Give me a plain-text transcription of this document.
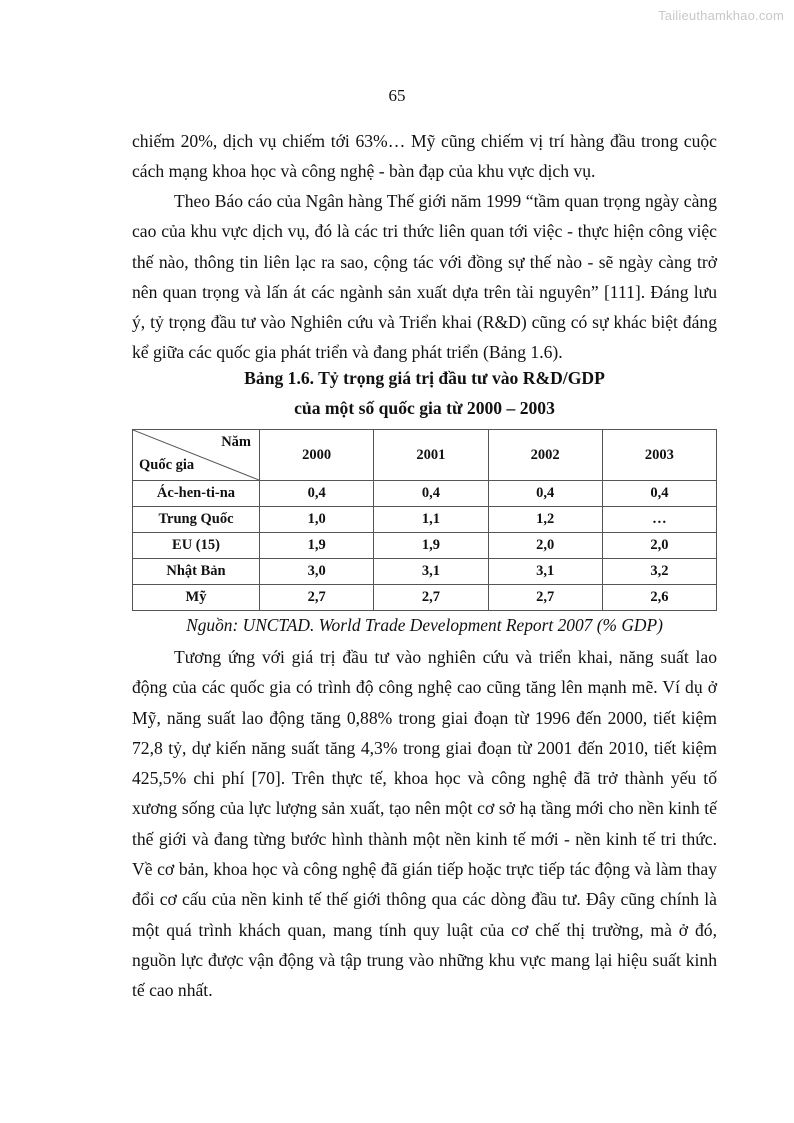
Tailieuthamkhao.com
65

chiếm 20%, dịch vụ chiếm tới 63%… Mỹ cũng chiếm vị trí hàng đầu trong cuộc cách mạng khoa học và công nghệ - bàn đạp của khu vực dịch vụ.

Theo Báo cáo của Ngân hàng Thế giới năm 1999 “tầm quan trọng ngày càng cao của khu vực dịch vụ, đó là các tri thức liên quan tới việc - thực hiện công việc thế nào, thông tin liên lạc ra sao, cộng tác với đồng sự thế nào - sẽ ngày càng trở nên quan trọng và lấn át các ngành sản xuất dựa trên tài nguyên” [111]. Đáng lưu ý, tỷ trọng đầu tư vào Nghiên cứu và Triển khai (R&D) cũng có sự khác biệt đáng kể giữa các quốc gia phát triển và đang phát triển (Bảng 1.6).

Bảng 1.6. Tỷ trọng giá trị đầu tư vào R&D/GDP
của một số quốc gia từ 2000 – 2003
Năm
Quốc gia	2000	2001	2002	2003
Ác-hen-ti-na	0,4	0,4	0,4	0,4
Trung Quốc	1,0	1,1	1,2	…
EU (15)	1,9	1,9	2,0	2,0
Nhật Bản	3,0	3,1	3,1	3,2
Mỹ	2,7	2,7	2,7	2,6
Nguồn: UNCTAD. World Trade Development Report 2007 (% GDP)

Tương ứng với giá trị đầu tư vào nghiên cứu và triển khai, năng suất lao động của các quốc gia có trình độ công nghệ cao cũng tăng lên mạnh mẽ. Ví dụ ở Mỹ, năng suất lao động tăng 0,88% trong giai đoạn từ 1996 đến 2000, tiết kiệm 72,8 tỷ, dự kiến năng suất tăng 4,3% trong giai đoạn từ 2001 đến 2010, tiết kiệm 425,5% chi phí [70]. Trên thực tế, khoa học và công nghệ đã trở thành yếu tố xương sống của lực lượng sản xuất, tạo nên một cơ sở hạ tầng mới cho nền kinh tế thế giới và đang từng bước hình thành một nền kinh tế mới - nền kinh tế tri thức. Về cơ bản, khoa học và công nghệ đã gián tiếp hoặc trực tiếp tác động và làm thay đổi cơ cấu của nền kinh tế thế giới thông qua các dòng đầu tư. Đây cũng chính là một quá trình khách quan, mang tính quy luật của cơ chế thị trường, mà ở đó, nguồn lực được vận động và tập trung vào những khu vực mang lại hiệu suất kinh tế cao nhất.
